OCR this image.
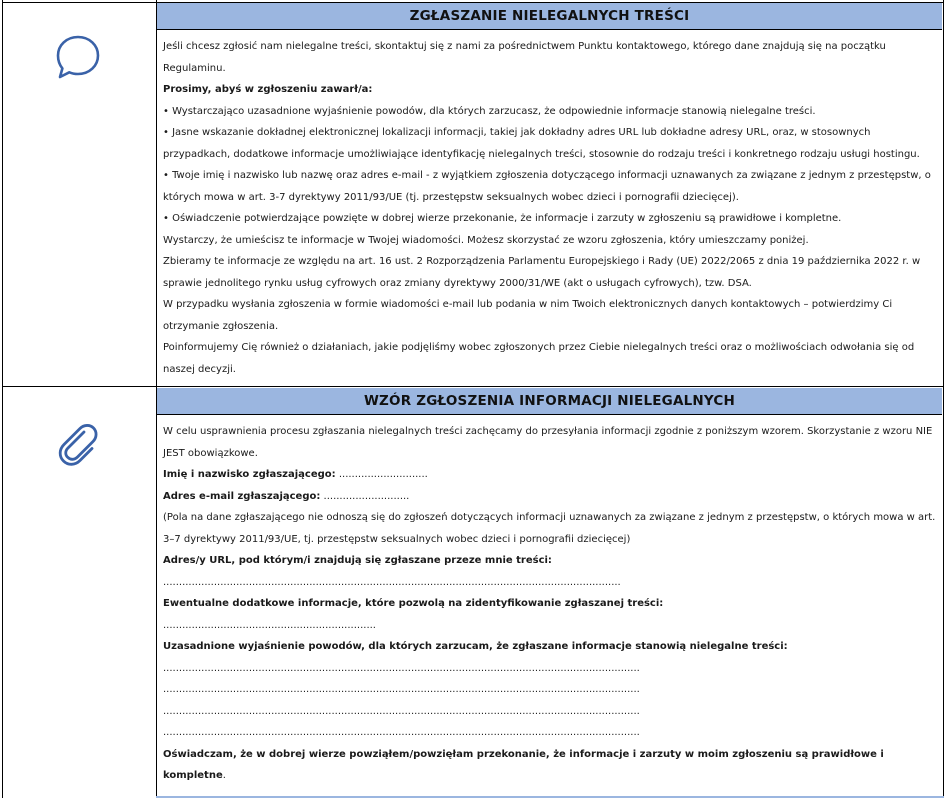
ZGŁASZANIE NIELEGALNYCH TREŚCI

Jeśli chcesz zgłosić nam nielegalne treści, skontaktuj się z nami za pośrednictwem Punktu kontaktowego, którego dane znajdują się na początku Regulaminu.

Prosimy, abyś w zgłoszeniu zawarł/a:

• Wystarczająco uzasadnione wyjaśnienie powodów, dla których zarzucasz, że odpowiednie informacje stanowią nielegalne treści.

• Jasne wskazanie dokładnej elektronicznej lokalizacji informacji, takiej jak dokładny adres URL lub dokładne adresy URL, oraz, w stosownych przypadkach, dodatkowe informacje umożliwiające identyfikację nielegalnych treści, stosownie do rodzaju treści i konkretnego rodzaju usługi hostingu.

• Twoje imię i nazwisko lub nazwę oraz adres e-mail - z wyjątkiem zgłoszenia dotyczącego informacji uznawanych za związane z jednym z przestępstw, o których mowa w art. 3-7 dyrektywy 2011/93/UE (tj. przestępstw seksualnych wobec dzieci i pornografii dziecięcej).

• Oświadczenie potwierdzające powzięte w dobrej wierze przekonanie, że informacje i zarzuty w zgłoszeniu są prawidłowe i kompletne.

Wystarczy, że umieścisz te informacje w Twojej wiadomości. Możesz skorzystać ze wzoru zgłoszenia, który umieszczamy poniżej.

Zbieramy te informacje ze względu na art. 16 ust. 2 Rozporządzenia Parlamentu Europejskiego i Rady (UE) 2022/2065 z dnia 19 października 2022 r. w sprawie jednolitego rynku usług cyfrowych oraz zmiany dyrektywy 2000/31/WE (akt o usługach cyfrowych), tzw. DSA.

W przypadku wysłania zgłoszenia w formie wiadomości e-mail lub podania w nim Twoich elektronicznych danych kontaktowych – potwierdzimy Ci otrzymanie zgłoszenia.

Poinformujemy Cię również o działaniach, jakie podjęliśmy wobec zgłoszonych przez Ciebie nielegalnych treści oraz o możliwościach odwołania się od naszej decyzji.

WZÓR ZGŁOSZENIA INFORMACJI NIELEGALNYCH

W celu usprawnienia procesu zgłaszania nielegalnych treści zachęcamy do przesyłania informacji zgodnie z poniższym wzorem. Skorzystanie z wzoru NIE JEST obowiązkowe.

Imię i nazwisko zgłaszającego: ............................

Adres e-mail zgłaszającego: ...........................

(Pola na dane zgłaszającego nie odnoszą się do zgłoszeń dotyczących informacji uznawanych za związane z jednym z przestępstw, o których mowa w art. 3–7 dyrektywy 2011/93/UE, tj. przestępstw seksualnych wobec dzieci i pornografii dziecięcej)

Adres/y URL, pod którym/i znajdują się zgłaszane przeze mnie treści:

................................................................................................................................................

Ewentualne dodatkowe informacje, które pozwolą na zidentyfikowanie zgłaszanej treści:

...................................................................

Uzasadnione wyjaśnienie powodów, dla których zarzucam, że zgłaszane informacje stanowią nielegalne treści:

......................................................................................................................................................

......................................................................................................................................................

......................................................................................................................................................

......................................................................................................................................................

Oświadczam, że w dobrej wierze powziąłem/powzięłam przekonanie, że informacje i zarzuty w moim zgłoszeniu są prawidłowe i kompletne.
